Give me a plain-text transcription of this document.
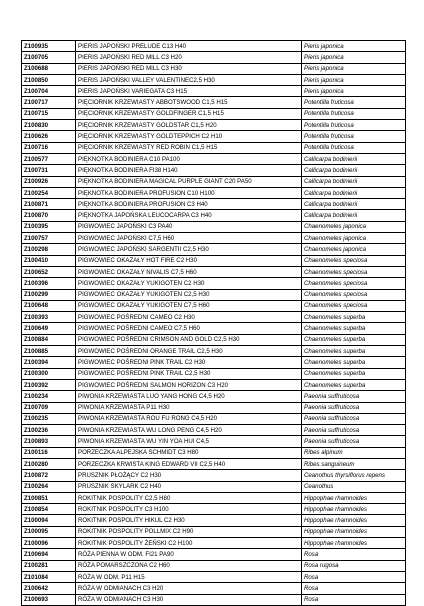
Z100935	PIERIS JAPOŃSKI PRELUDE C13 H40	Pieris japonica
Z100705	PIERIS JAPOŃSKI RED MILL C3 H20	Pieris japonica
Z100688	PIERIS JAPOŃSKI RED MILL C3 H30	Pieris japonica
Z100850	PIERIS JAPOŃSKI VALLEY VALENTINEC2,5 H30	Pieris japonica
Z100704	PIERIS JAPOŃSKI VARIEGATA C3 H15	Pieris japonica
Z100717	PIĘCIORNIK KRZEWIASTY ABBOTSWOOD C1,5 H15	Potentilla fruticosa
Z100715	PIĘCIORNIK KRZEWIASTY GOLDFINGER C1,5 H15	Potentilla fruticosa
Z100830	PIĘCIORNIK KRZEWIASTY GOLDSTAR C1,5 H20	Potentilla fruticosa
Z100626	PIĘCIORNIK KRZEWIASTY GOLDTEPPICH C2 H10	Potentilla fruticosa
Z100716	PIĘCIORNIK KRZEWIASTY RED ROBIN C1,5 H15	Potentilla fruticosa
Z100577	PIĘKNOTKA BODINIERA C10 PA100	Callicarpa bodinierii
Z100731	PIĘKNOTKA BODINIERA FI38 H140	Callicarpa bodinierii
Z100926	PIĘKNOTKA BODINIERA MAGICAL PURPLE GIANT C20 PA50	Callicarpa bodinierii
Z100254	PIĘKNOTKA BODINIERA PROFUSION C10 H100	Callicarpa bodinierii
Z100871	PIĘKNOTKA BODINIERA PROFUSION C3 H40	Callicarpa bodinierii
Z100870	PIĘKNOTKA JAPOŃSKA LEUCOCARPA C3 H40	Callicarpa bodinierii
Z100395	PIGWOWIEC JAPOŃSKI C3 PA40	Chaenomeles japonica
Z100757	PIGWOWIEC JAPOŃSKI C7,5 H60	Chaenomeles japonica
Z100298	PIGWOWIEC JAPOŃSKI SARGENTII C2,5 H30	Chaenomeles japonica
Z100410	PIGWOWIEC OKAZAŁY HOT FIRE C2 H30	Chaenomeles speciosa
Z100652	PIGWOWIEC OKAZAŁY NIVALIS C7,5 H60	Chaenomeles speciosa
Z100396	PIGWOWIEC OKAZAŁY YUKIGOTEN C2 H30	Chaenomeles speciosa
Z100299	PIGWOWIEC OKAZAŁY YUKIGOTEN C2,5 H30	Chaenomeles speciosa
Z100648	PIGWOWIEC OKAZAŁY YUKIGOTEN C7,5 H60	Chaenomeles speciosa
Z100393	PIGWOWIEC POŚREDNI CAMEO C2 H30	Chaenomeles superba
Z100649	PIGWOWIEC POŚREDNI CAMEO C7,5 H60	Chaenomeles superba
Z100884	PIGWOWIEC POŚREDNI CRIMSON AND GOLD C2,5 H30	Chaenomeles superba
Z100885	PIGWOWIEC POŚREDNI ORANGE TRAIL C2,5 H30	Chaenomeles superba
Z100394	PIGWOWIEC POŚREDNI PINK TRAIL C2 H30	Chaenomeles superba
Z100300	PIGWOWIEC POŚREDNI PINK TRAIL C2,5 H30	Chaenomeles superba
Z100392	PIGWOWIEC POŚREDNI SALMON HORIZON C3 H20	Chaenomeles superba
Z100234	PIWONIA KRZEWIASTA LUO YANG HONG C4,5 H20	Paeonia suffruticosa
Z100709	PIWONIA KRZEWIASTA P11 H30	Paeonia suffruticosa
Z100235	PIWONIA KRZEWIASTA ROU FU RONG C4,5 H20	Paeonia suffruticosa
Z100236	PIWONIA KRZEWIASTA WU LONG PENG C4,5 H20	Paeonia suffruticosa
Z100893	PIWONIA KRZEWIASTA WU YIN YOA HUI C4,5	Paeonia suffruticosa
Z100116	PORZECZKA ALPEJSKA SCHMIDT C3 H80	Ribes alpinum
Z100280	PORZECZKA KRWISTA KING EDWARD VII C2,5 H40	Ribes sanguineum
Z100872	PRUSZNIK PŁOŻĄCY C2 H30	Ceanothus thyrsiflorus repens
Z100264	PRUSZNIK SKYLARK C2 H40	Ceanothus
Z100851	ROKITNIK POSPOLITY C2,5 H80	Hippophae rhamnoides
Z100854	ROKITNIK POSPOLITY C3 H100	Hippophae rhamnoides
Z100094	ROKITNIK POSPOLITY HIKUL C2 H30	Hippophae rhamnoides
Z100095	ROKITNIK POSPOLITY POLLMIX C2 H90	Hippophae rhamnoides
Z100096	ROKITNIK POSPOLITY ŻEŃSKI C2 H100	Hippophae rhamnoides
Z100694	RÓŻA PIENNA W ODM. FI21 PA90	Rosa
Z100281	RÓŻA POMARSZCZONA C2 H60	Rosa rugosa
Z101084	RÓŻA W ODM. P11 H15	Rosa
Z100642	RÓŻA W ODMIANACH C3 H20	Rosa
Z100693	RÓŻA W ODMIANACH C3 H30	Rosa
